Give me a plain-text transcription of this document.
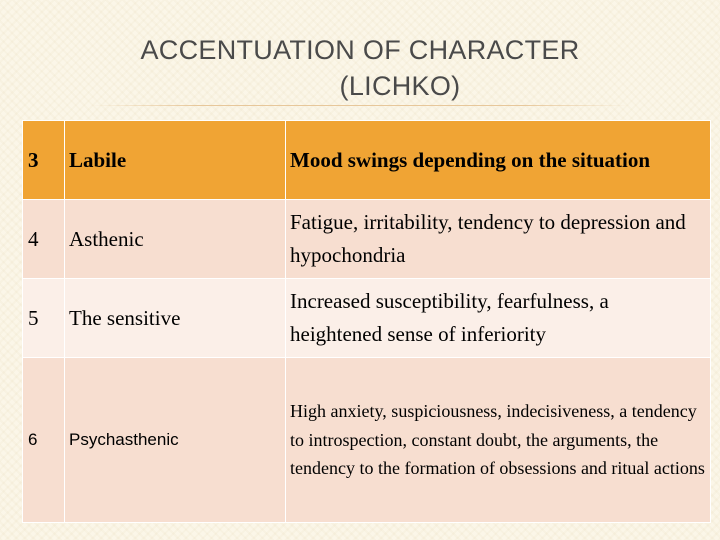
ACCENTUATION OF CHARACTER
(LICHKO)
3	Labile	Mood swings depending on the situation
4	Asthenic	Fatigue, irritability, tendency to depression and hypochondria
5	The sensitive	Increased susceptibility, fearfulness, a heightened sense of inferiority
6	Psychasthenic	High anxiety, suspiciousness, indecisiveness, a tendency to introspection, constant doubt, the arguments, the tendency to the formation of obsessions and ritual actions
